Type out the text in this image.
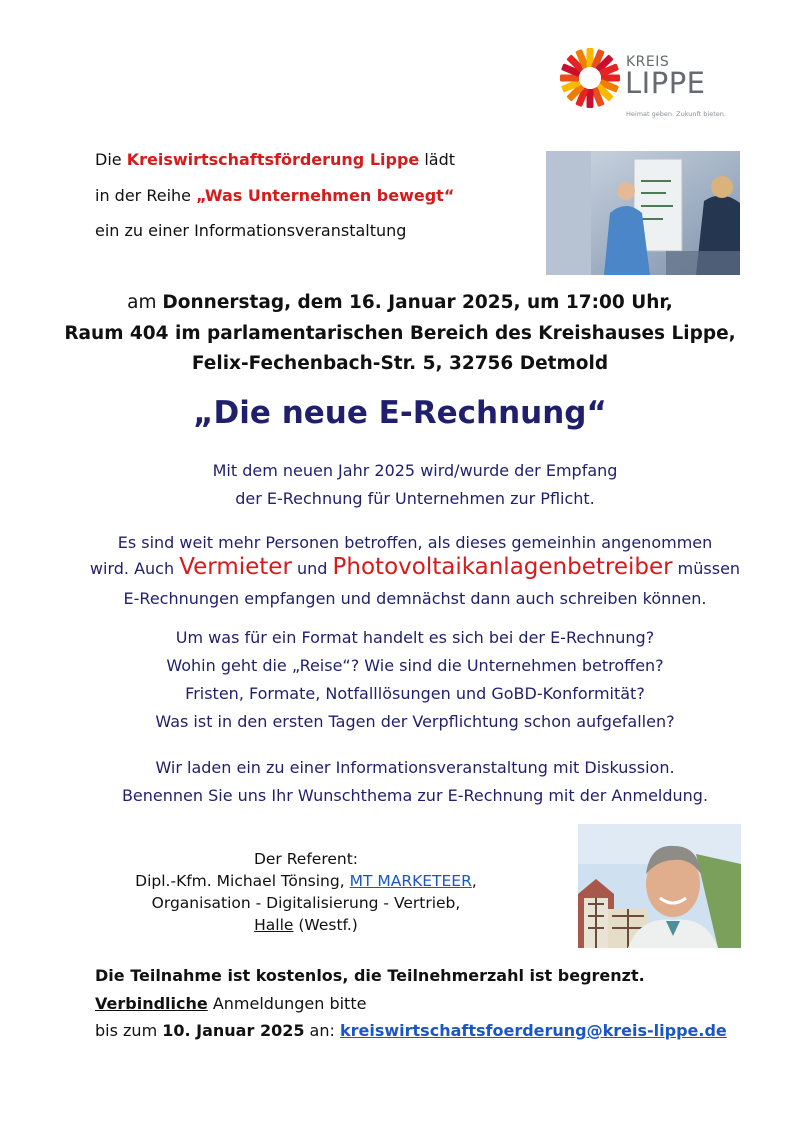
KREIS
LIPPE
Heimat geben. Zukunft bieten.
Die Kreiswirtschaftsförderung Lippe lädt
in der Reihe „Was Unternehmen bewegt“
ein zu einer Informationsveranstaltung
am Donnerstag, dem 16. Januar 2025, um 17:00 Uhr,
Raum 404 im parlamentarischen Bereich des Kreishauses Lippe,
Felix-Fechenbach-Str. 5, 32756 Detmold
„Die neue E-Rechnung“
Mit dem neuen Jahr 2025 wird/wurde der Empfang
der E-Rechnung für Unternehmen zur Pflicht.
Es sind weit mehr Personen betroffen, als dieses gemeinhin angenommen
wird. Auch Vermieter und Photovoltaikanlagenbetreiber müssen
E-Rechnungen empfangen und demnächst dann auch schreiben können.
Um was für ein Format handelt es sich bei der E-Rechnung?
Wohin geht die „Reise“? Wie sind die Unternehmen betroffen?
Fristen, Formate, Notfalllösungen und GoBD-Konformität?
Was ist in den ersten Tagen der Verpflichtung schon aufgefallen?
Wir laden ein zu einer Informationsveranstaltung mit Diskussion.
Benennen Sie uns Ihr Wunschthema zur E-Rechnung mit der Anmeldung.
Der Referent:
Dipl.-Kfm. Michael Tönsing, MT MARKETEER,
Organisation - Digitalisierung - Vertrieb,
Halle (Westf.)
Die Teilnahme ist kostenlos, die Teilnehmerzahl ist begrenzt.
Verbindliche Anmeldungen bitte
bis zum 10. Januar 2025 an: kreiswirtschaftsfoerderung@kreis-lippe.de
